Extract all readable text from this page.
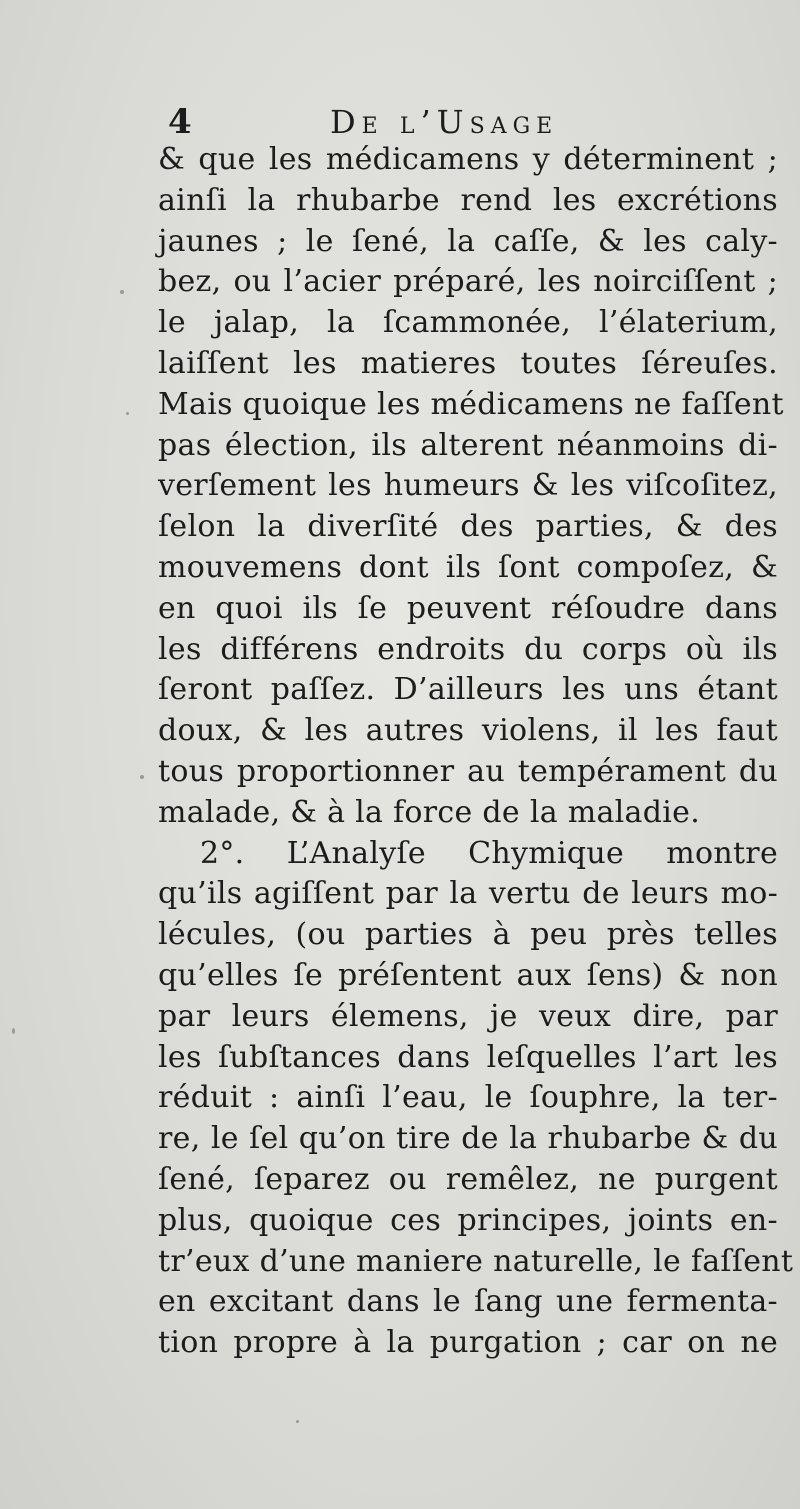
4	De l’Usage
& que les médicamens y déterminent ;
ainſi la rhubarbe rend les excrétions
jaunes ; le ſené, la caſſe, & les caly-
bez, ou l’acier préparé, les noirciſſent ;
le jalap, la ſcammonée, l’élaterium,
laiſſent les matieres toutes ſéreuſes.
Mais quoique les médicamens ne faſſent
pas élection, ils alterent néanmoins di-
verſement les humeurs & les viſcoſitez,
ſelon la diverſité des parties, & des
mouvemens dont ils ſont compoſez, &
en quoi ils ſe peuvent réſoudre dans
les différens endroits du corps où ils
ſeront paſſez. D’ailleurs les uns étant
doux, & les autres violens, il les faut
tous proportionner au tempérament du
malade, & à la force de la maladie.
2°. L’Analyſe Chymique montre
qu’ils agiſſent par la vertu de leurs mo-
lécules, (ou parties à peu près telles
qu’elles ſe préſentent aux ſens) & non
par leurs élemens, je veux dire, par
les ſubſtances dans leſquelles l’art les
réduit : ainſi l’eau, le ſouphre, la ter-
re, le ſel qu’on tire de la rhubarbe & du
ſené, ſeparez ou remêlez, ne purgent
plus, quoique ces principes, joints en-
tr’eux d’une maniere naturelle, le faſſent
en excitant dans le ſang une fermenta-
tion propre à la purgation ; car on ne
